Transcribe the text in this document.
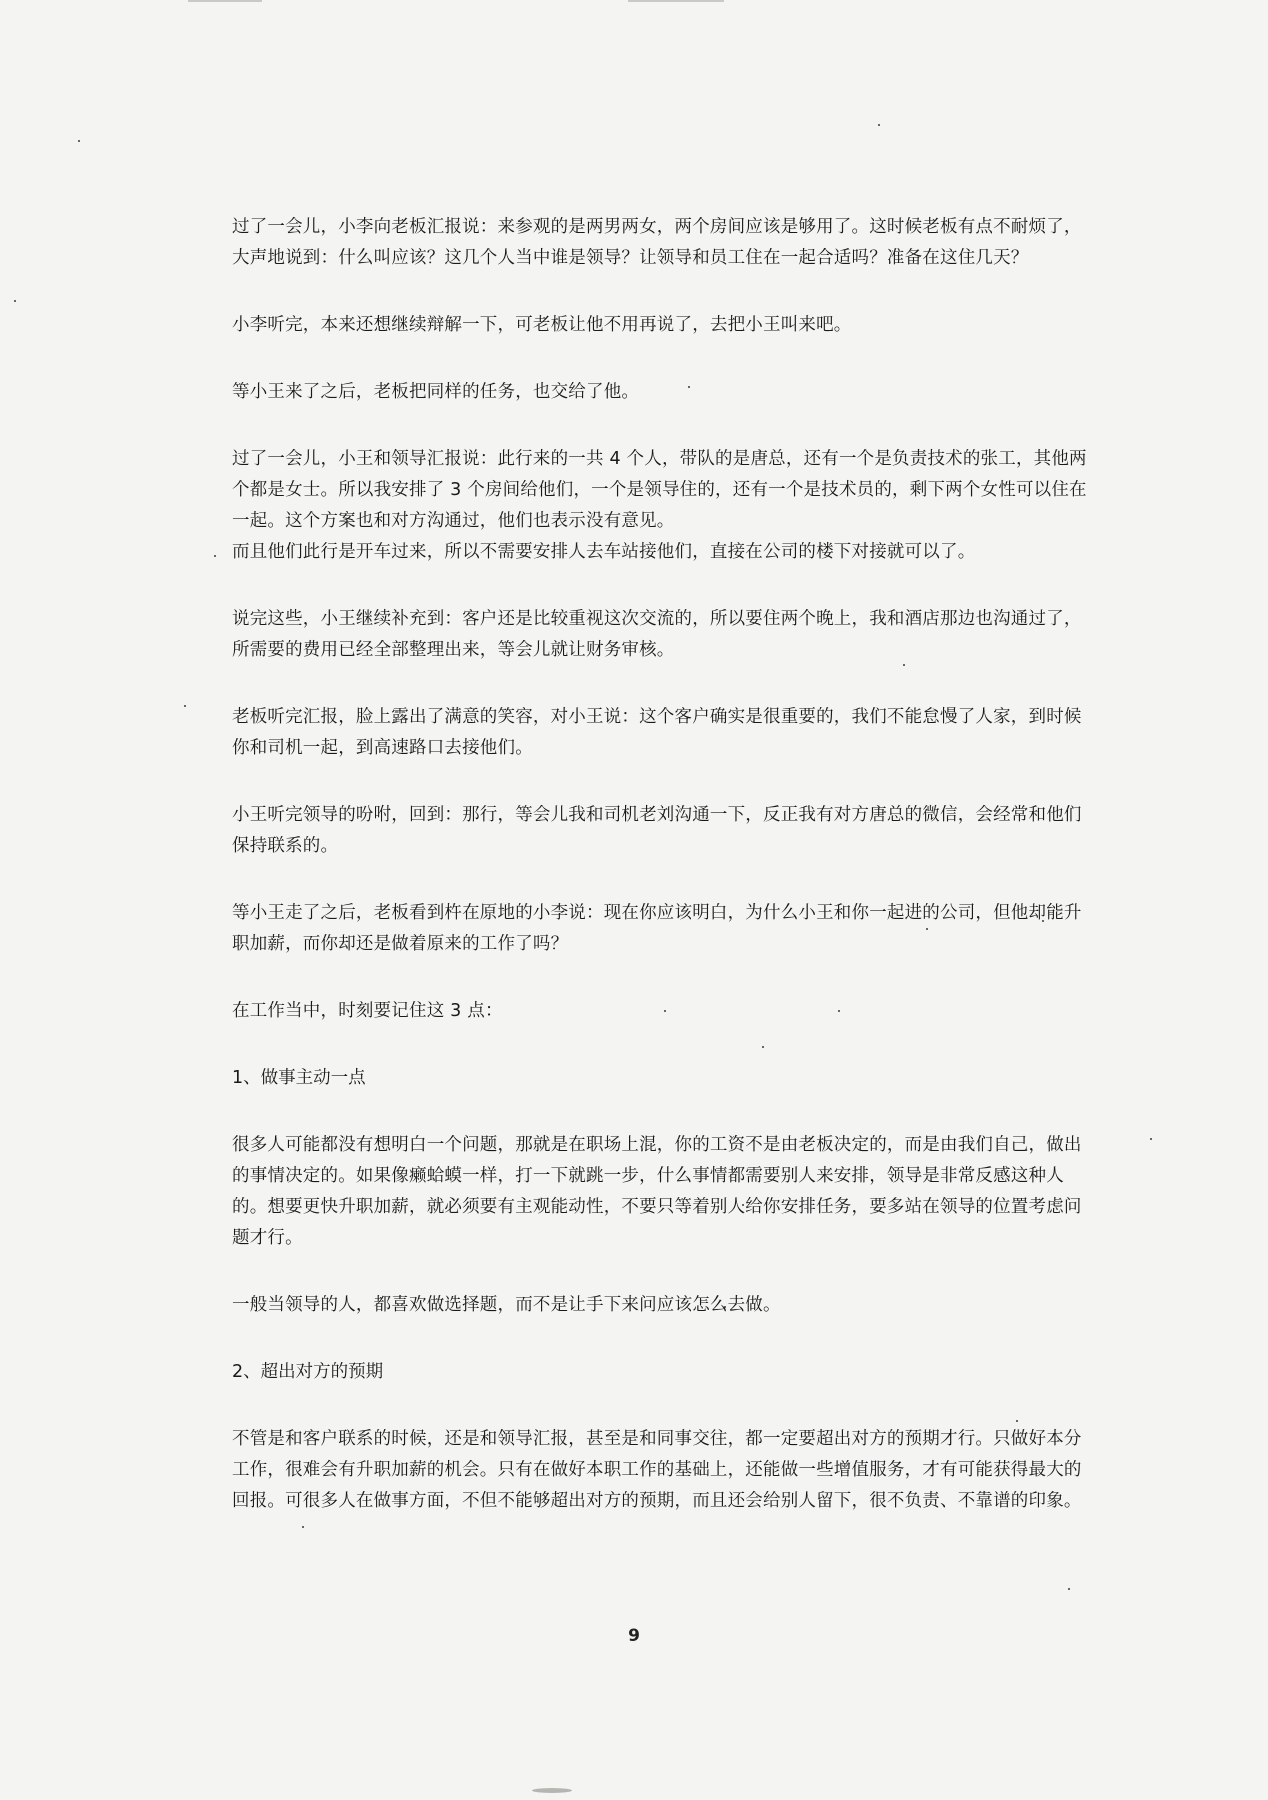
过了一会儿，小李向老板汇报说：来参观的是两男两女，两个房间应该是够用了。这时候老板有点不耐烦了，大声地说到：什么叫应该？这几个人当中谁是领导？让领导和员工住在一起合适吗？准备在这住几天？

小李听完，本来还想继续辩解一下，可老板让他不用再说了，去把小王叫来吧。

等小王来了之后，老板把同样的任务，也交给了他。

过了一会儿，小王和领导汇报说：此行来的一共 4 个人，带队的是唐总，还有一个是负责技术的张工，其他两个都是女士。所以我安排了 3 个房间给他们，一个是领导住的，还有一个是技术员的，剩下两个女性可以住在一起。这个方案也和对方沟通过，他们也表示没有意见。

而且他们此行是开车过来，所以不需要安排人去车站接他们，直接在公司的楼下对接就可以了。

说完这些，小王继续补充到：客户还是比较重视这次交流的，所以要住两个晚上，我和酒店那边也沟通过了，所需要的费用已经全部整理出来，等会儿就让财务审核。

老板听完汇报，脸上露出了满意的笑容，对小王说：这个客户确实是很重要的，我们不能怠慢了人家，到时候你和司机一起，到高速路口去接他们。

小王听完领导的吩咐，回到：那行，等会儿我和司机老刘沟通一下，反正我有对方唐总的微信，会经常和他们保持联系的。

等小王走了之后，老板看到杵在原地的小李说：现在你应该明白，为什么小王和你一起进的公司，但他却能升职加薪，而你却还是做着原来的工作了吗？

在工作当中，时刻要记住这 3 点：

1、做事主动一点

很多人可能都没有想明白一个问题，那就是在职场上混，你的工资不是由老板决定的，而是由我们自己，做出的事情决定的。如果像癞蛤蟆一样，打一下就跳一步，什么事情都需要别人来安排，领导是非常反感这种人的。想要更快升职加薪，就必须要有主观能动性，不要只等着别人给你安排任务，要多站在领导的位置考虑问题才行。

一般当领导的人，都喜欢做选择题，而不是让手下来问应该怎么去做。

2、超出对方的预期

不管是和客户联系的时候，还是和领导汇报，甚至是和同事交往，都一定要超出对方的预期才行。只做好本分工作，很难会有升职加薪的机会。只有在做好本职工作的基础上，还能做一些增值服务，才有可能获得最大的回报。可很多人在做事方面，不但不能够超出对方的预期，而且还会给别人留下，很不负责、不靠谱的印象。

9
